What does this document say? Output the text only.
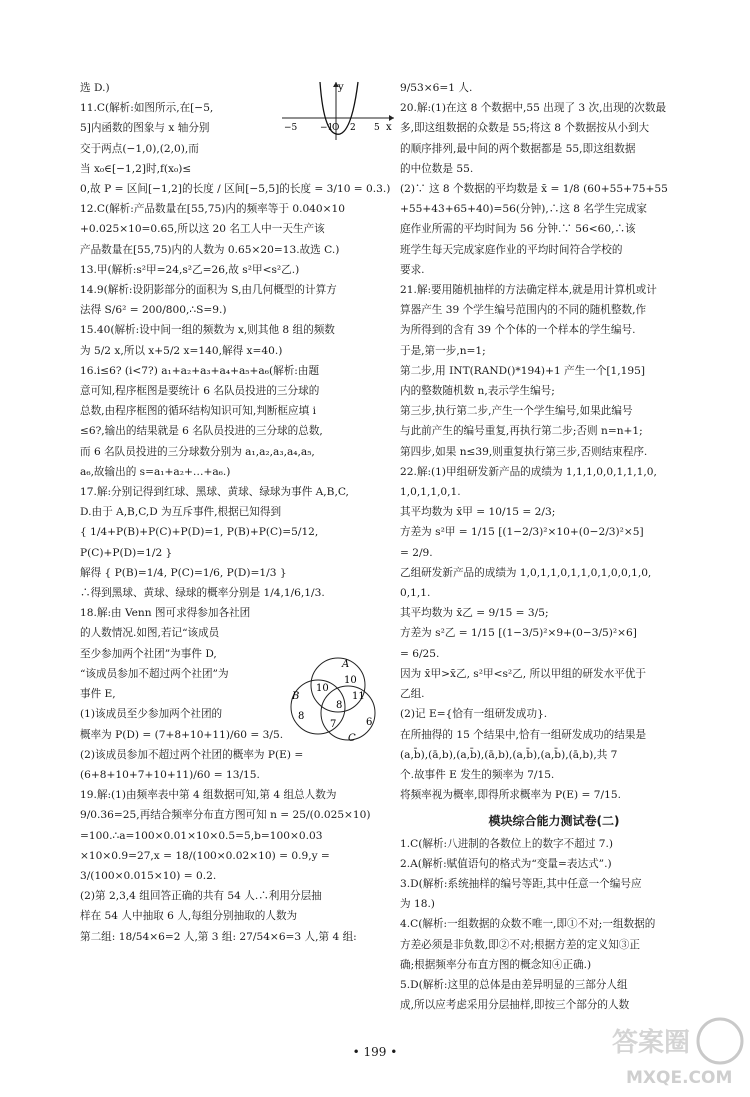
y
x
−5	−1
O 2 5
选 D.)
11.C(解析:如图所示,在[−5,
5]内函数的图象与 x 轴分别
交于两点(−1,0),(2,0),而
当 x₀∈[−1,2]时,f(x₀)≤
0,故 P = 区间[−1,2]的长度 / 区间[−5,5]的长度 = 3/10 = 0.3.)
12.C(解析:产品数量在[55,75)内的频率等于 0.040×10
+0.025×10=0.65,所以这 20 名工人中一天生产该
产品数量在[55,75)内的人数为 0.65×20=13.故选 C.)
13.甲(解析:s²甲=24,s²乙=26,故 s²甲<s²乙.)
14.9(解析:设阴影部分的面积为 S,由几何概型的计算方
法得 S/6² = 200/800,∴S=9.)
15.40(解析:设中间一组的频数为 x,则其他 8 组的频数
为 5/2 x,所以 x+5/2 x=140,解得 x=40.)
16.i≤6? (i<7?) a₁+a₂+a₃+a₄+a₅+a₆(解析:由题
意可知,程序框图是要统计 6 名队员投进的三分球的
总数,由程序框图的循环结构知识可知,判断框应填 i
≤6?,输出的结果就是 6 名队员投进的三分球的总数,
而 6 名队员投进的三分球数分别为 a₁,a₂,a₃,a₄,a₅,
a₆,故输出的 s=a₁+a₂+…+a₆.)
17.解:分别记得到红球、黑球、黄球、绿球为事件 A,B,C,
D.由于 A,B,C,D 为互斥事件,根据已知得到
{ 1/4+P(B)+P(C)+P(D)=1, P(B)+P(C)=5/12, P(C)+P(D)=1/2 }
解得 { P(B)=1/4, P(C)=1/6, P(D)=1/3 }
∴得到黑球、黄球、绿球的概率分别是 1/4,1/6,1/3.
18.解:由 Venn 图可求得参加各社团
的人数情况.如图,若记“该成员
至少参加两个社团”为事件 D,
“该成员参加不超过两个社团”为
事件 E,
(1)该成员至少参加两个社团的
概率为 P(D) = (7+8+10+11)/60 = 3/5.
(2)该成员参加不超过两个社团的概率为 P(E) =
(6+8+10+7+10+11)/60 = 13/15.
19.解:(1)由频率表中第 4 组数据可知,第 4 组总人数为
9/0.36=25,再结合频率分布直方图可知 n = 25/(0.025×10)
=100.∴a=100×0.01×10×0.5=5,b=100×0.03
×10×0.9=27,x = 18/(100×0.02×10) = 0.9,y =
3/(100×0.015×10) = 0.2.
(2)第 2,3,4 组回答正确的共有 54 人.∴利用分层抽
样在 54 人中抽取 6 人,每组分别抽取的人数为
第二组: 18/54×6=2 人,第 3 组: 27/54×6=3 人,第 4 组:
9/53×6=1 人.
20.解:(1)在这 8 个数据中,55 出现了 3 次,出现的次数最
多,即这组数据的众数是 55;将这 8 个数据按从小到大
的顺序排列,最中间的两个数据都是 55,即这组数据
的中位数是 55.
(2)∵ 这 8 个数据的平均数是 x̄ = 1/8 (60+55+75+55
+55+43+65+40)=56(分钟),∴这 8 名学生完成家
庭作业所需的平均时间为 56 分钟.∵ 56<60,∴该
班学生每天完成家庭作业的平均时间符合学校的
要求.
21.解:要用随机抽样的方法确定样本,就是用计算机或计
算器产生 39 个学生编号范围内的不同的随机整数,作
为所得到的含有 39 个个体的一个样本的学生编号.
于是,第一步,n=1;
第二步,用 INT(RAND()*194)+1 产生一个[1,195]
内的整数随机数 n,表示学生编号;
第三步,执行第二步,产生一个学生编号,如果此编号
与此前产生的编号重复,再执行第二步;否则 n=n+1;
第四步,如果 n≤39,则重复执行第三步,否则结束程序.
22.解:(1)甲组研发新产品的成绩为 1,1,1,0,0,1,1,1,0,
1,0,1,1,0,1.
其平均数为 x̄甲 = 10/15 = 2/3;
方差为 s²甲 = 1/15 [(1−2/3)²×10+(0−2/3)²×5]
= 2/9.
乙组研发新产品的成绩为 1,0,1,1,0,1,1,0,1,0,0,1,0,
0,1,1.
其平均数为 x̄乙 = 9/15 = 3/5;
方差为 s²乙 = 1/15 [(1−3/5)²×9+(0−3/5)²×6]
= 6/25.
因为 x̄甲>x̄乙, s²甲<s²乙, 所以甲组的研发水平优于
乙组.
(2)记 E={恰有一组研发成功}.
在所抽得的 15 个结果中,恰有一组研发成功的结果是
(a,b̄),(ā,b),(a,b̄),(ā,b),(a,b̄),(a,b̄),(ā,b),共 7
个.故事件 E 发生的频率为 7/15.
将频率视为概率,即得所求概率为 P(E) = 7/15.
模块综合能力测试卷(二)
1.C(解析:八进制的各数位上的数字不超过 7.)
2.A(解析:赋值语句的格式为“变量=表达式”.)
3.D(解析:系统抽样的编号等距,其中任意一个编号应
为 18.)
4.C(解析:一组数据的众数不唯一,即①不对;一组数据的
方差必须是非负数,即②不对;根据方差的定义知③正
确;根据频率分布直方图的概念知④正确.)
5.D(解析:这里的总体是由差异明显的三部分人组
成,所以应考虑采用分层抽样,即按三个部分的人数
A
B
C
10
10
11
8
8
7	6
• 199 •	答案圈
MXQE.COM
